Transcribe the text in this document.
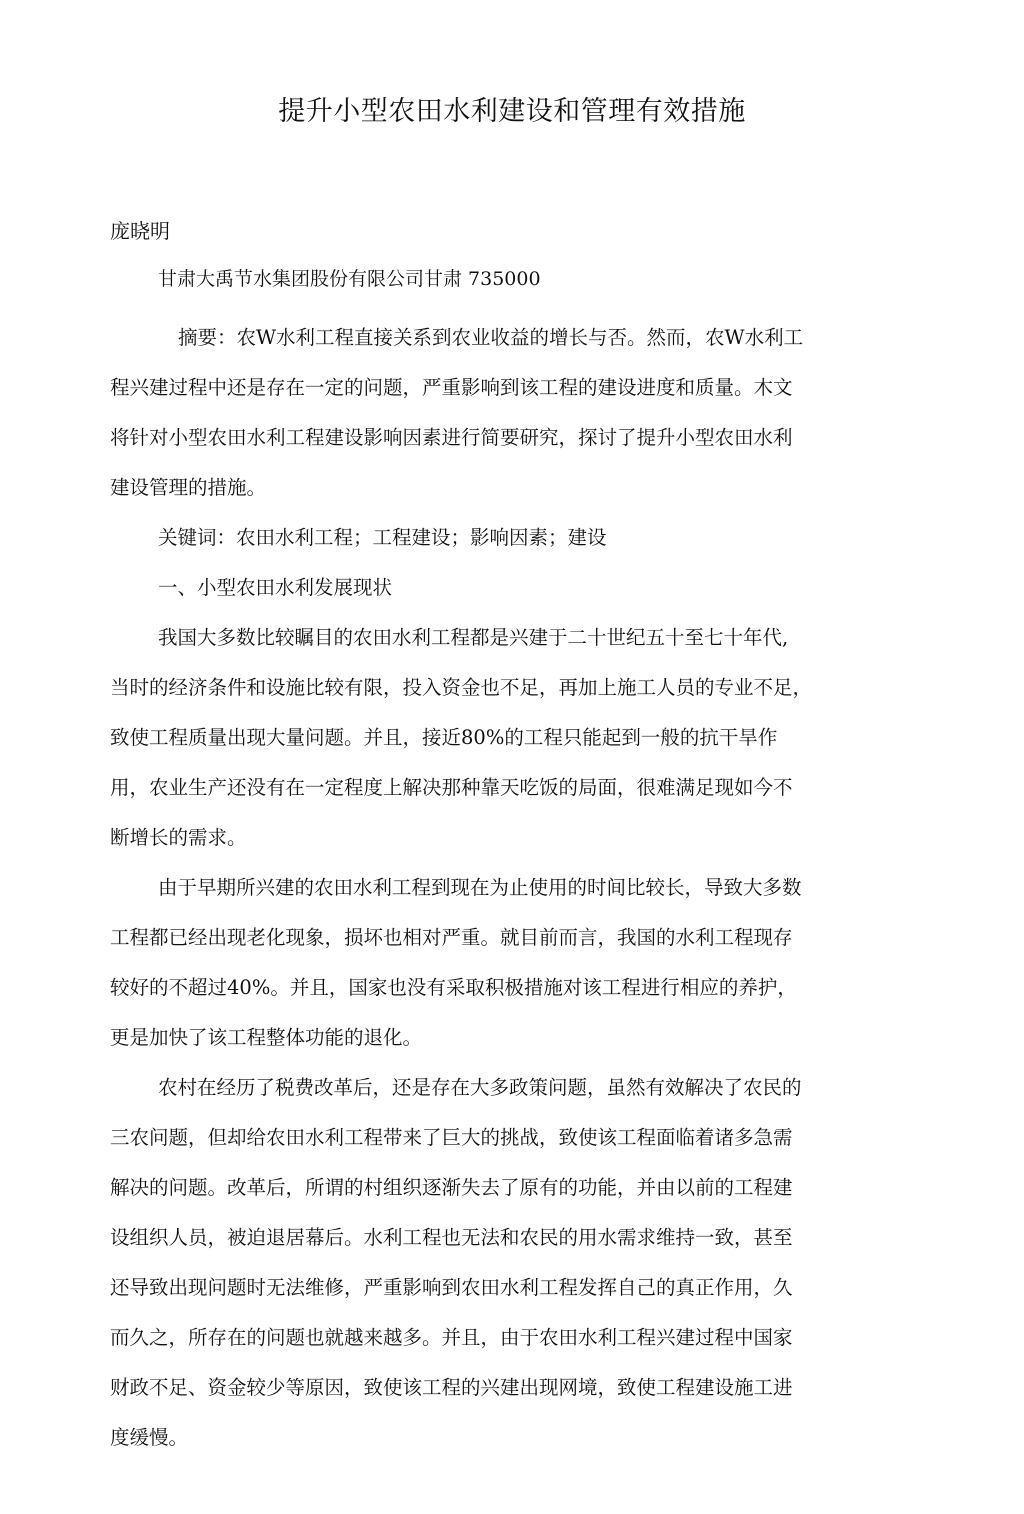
提升小型农田水利建设和管理有效措施
庞晓明
甘肃大禹节水集团股份有限公司甘肃 735000
摘要：农W水利工程直接关系到农业收益的增长与否。然而，农W水利工
程兴建过程中还是存在一定的问题，严重影响到该工程的建设进度和质量。木文
将针对小型农田水利工程建设影响因素进行简要研究，探讨了提升小型农田水利
建设管理的措施。
关键词：农田水利工程；工程建设；影响因素；建设
一、小型农田水利发展现状
我国大多数比较瞩目的农田水利工程都是兴建于二十世纪五十至七十年代,
当时的经济条件和设施比较有限，投入资金也不足，再加上施工人员的专业不足，
致使工程质量出现大量问题。并且，接近80%的工程只能起到一般的抗干旱作
用，农业生产还没有在一定程度上解决那种靠天吃饭的局面，很难满足现如今不
断增长的需求。
由于早期所兴建的农田水利工程到现在为止使用的时间比较长，导致大多数
工程都已经出现老化现象，损坏也相对严重。就目前而言，我国的水利工程现存
较好的不超过40%。并且，国家也没有采取积极措施对该工程进行相应的养护，
更是加快了该工程整体功能的退化。
农村在经历了税费改革后，还是存在大多政策问题，虽然有效解决了农民的
三农问题，但却给农田水利工程带来了巨大的挑战，致使该工程面临着诸多急需
解决的问题。改革后，所谓的村组织逐渐失去了原有的功能，并由以前的工程建
设组织人员，被迫退居幕后。水利工程也无法和农民的用水需求维持一致，甚至
还导致出现问题时无法维修，严重影响到农田水利工程发挥自己的真正作用，久
而久之，所存在的问题也就越来越多。并且，由于农田水利工程兴建过程中国家
财政不足、资金较少等原因，致使该工程的兴建出现网境，致使工程建设施工进
度缓慢。
